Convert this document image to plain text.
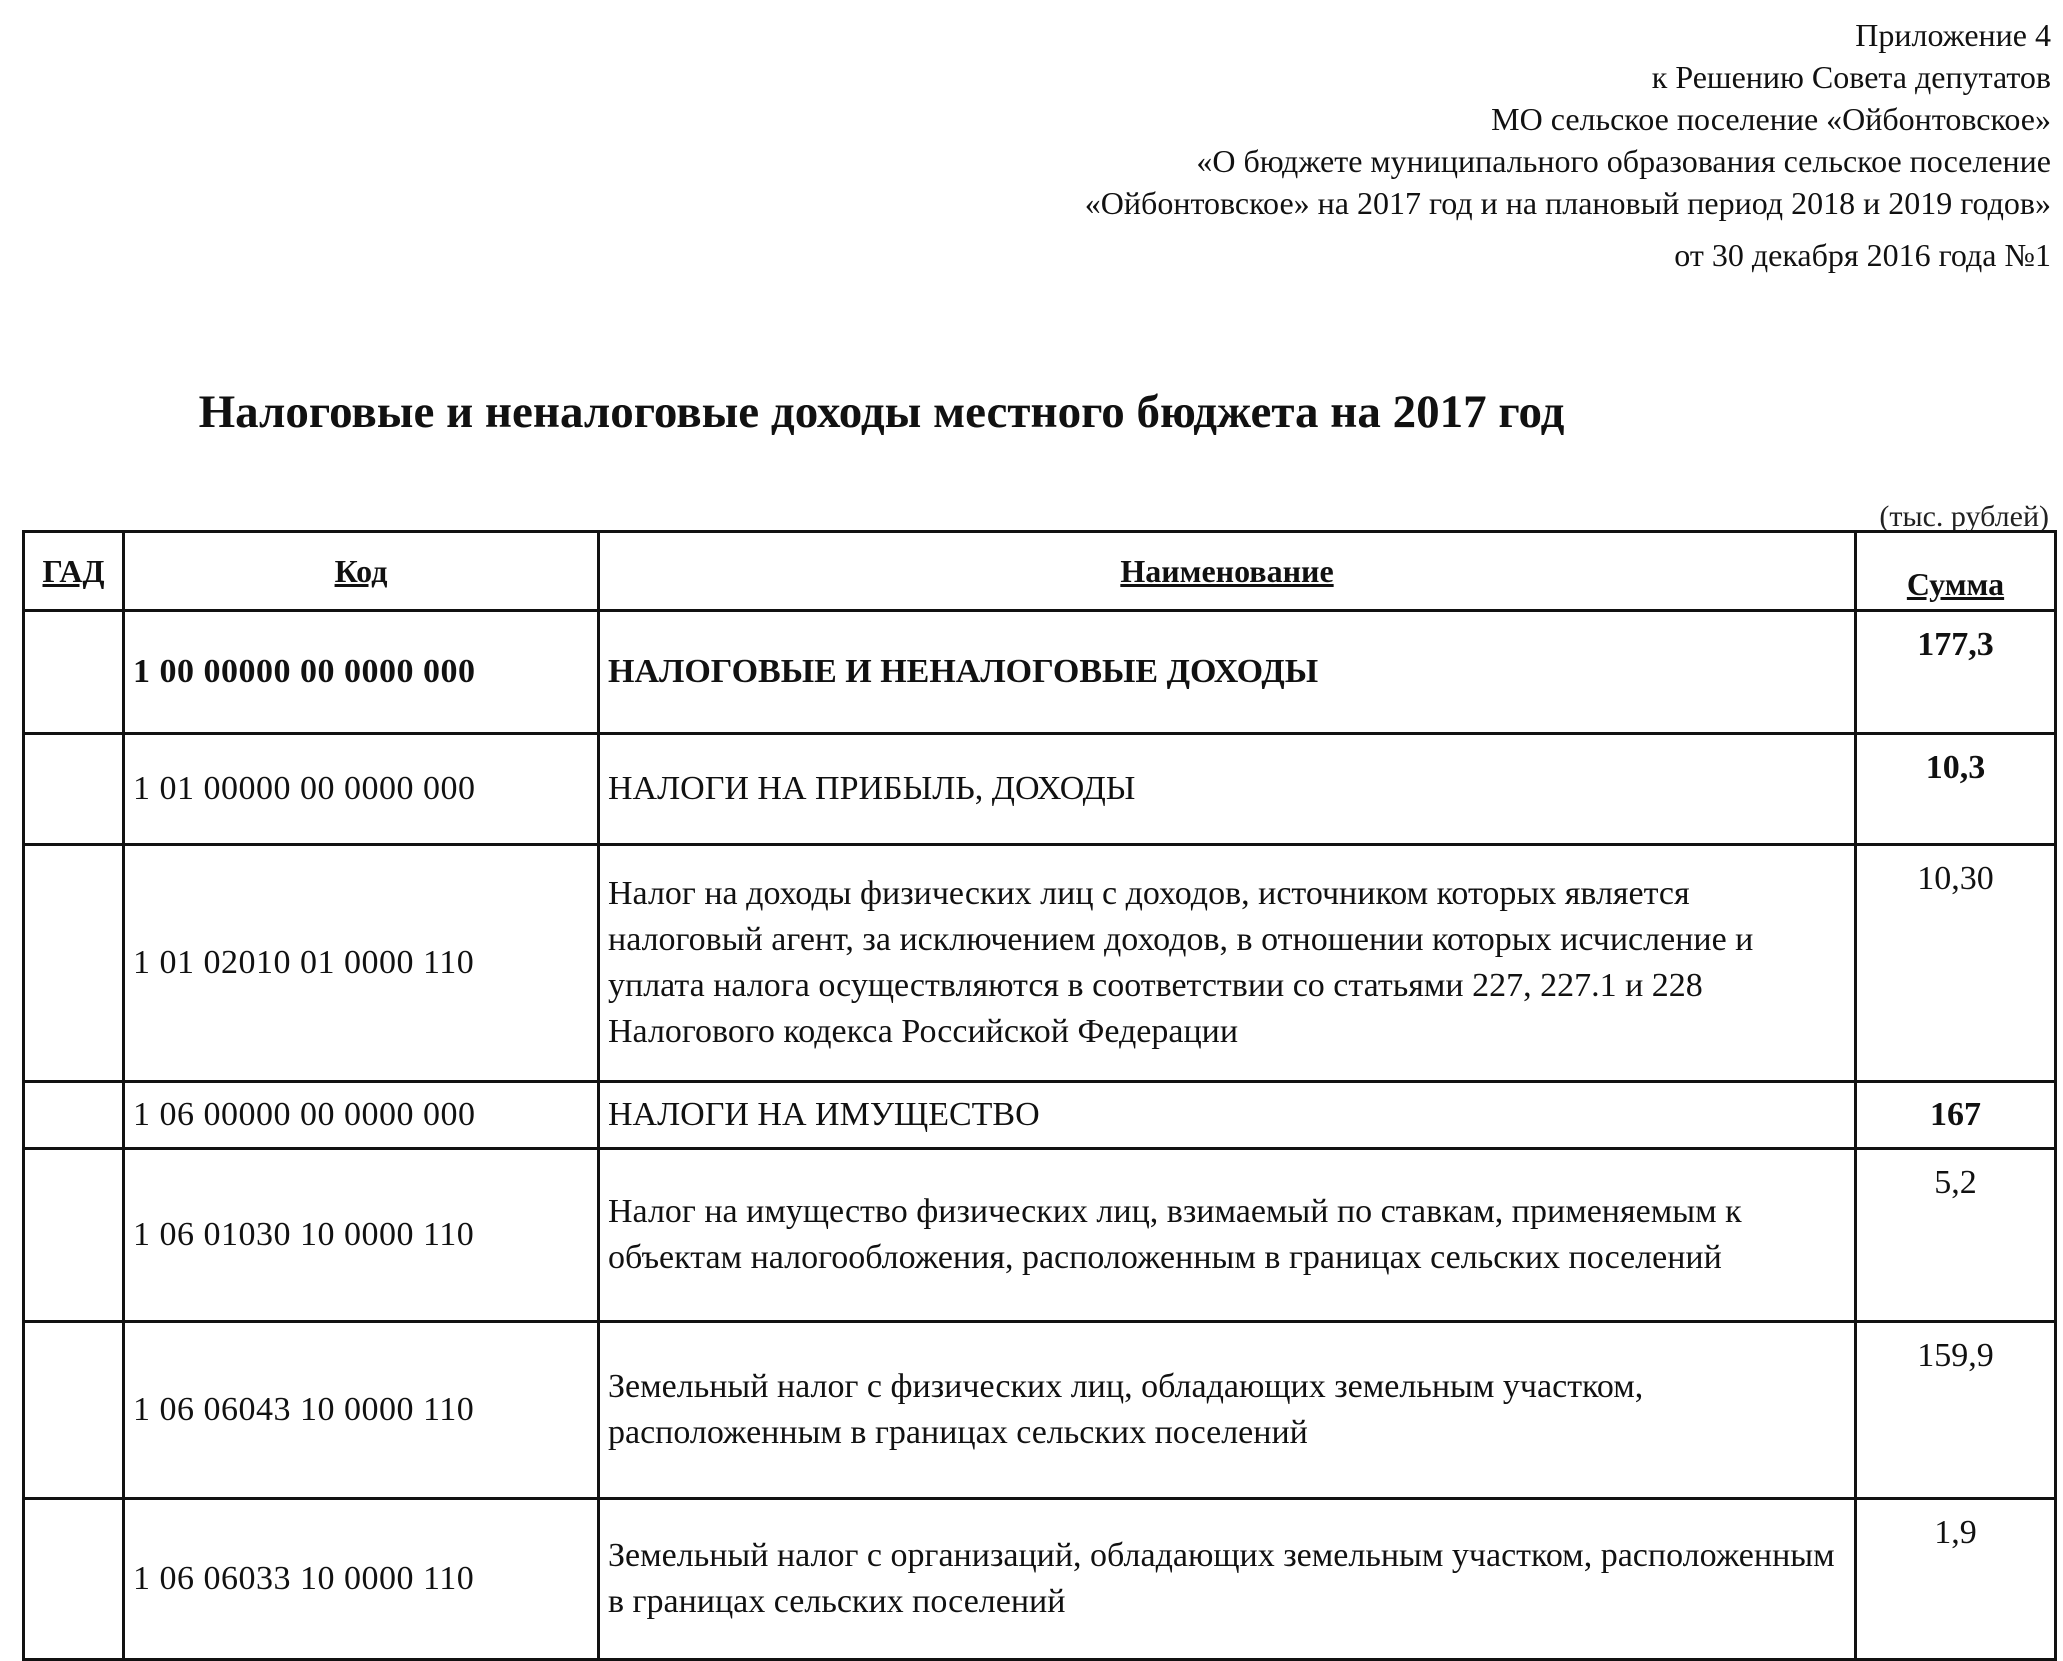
Приложение 4
к Решению Совета депутатов
МО сельское поселение «Ойбонтовское»
«О бюджете муниципального образования сельское поселение
«Ойбонтовское» на 2017 год и на плановый период 2018 и 2019 годов»
от 30 декабря 2016 года №1
Налоговые и неналоговые доходы местного бюджета на 2017 год
(тыс. рублей)
ГАД	Код	Наименование	Сумма
	1 00 00000 00 0000 000	НАЛОГОВЫЕ И НЕНАЛОГОВЫЕ ДОХОДЫ	177,3
	1 01 00000 00 0000 000	НАЛОГИ НА ПРИБЫЛЬ, ДОХОДЫ	10,3
	1 01 02010 01 0000 110	Налог на доходы физических лиц с доходов, источником которых является налоговый агент, за исключением доходов, в отношении которых исчисление и уплата налога осуществляются в соответствии со статьями 227, 227.1 и 228 Налогового кодекса Российской Федерации	10,30
	1 06 00000 00 0000 000	НАЛОГИ НА ИМУЩЕСТВО	167
	1 06 01030 10 0000 110	Налог на имущество физических лиц, взимаемый по ставкам, применяемым к объектам налогообложения, расположенным в границах сельских поселений	5,2
	1 06 06043 10 0000 110	Земельный налог с физических лиц, обладающих земельным участком, расположенным в границах сельских поселений	159,9
	1 06 06033 10 0000 110	Земельный налог с организаций, обладающих земельным участком, расположенным в границах сельских поселений	1,9
